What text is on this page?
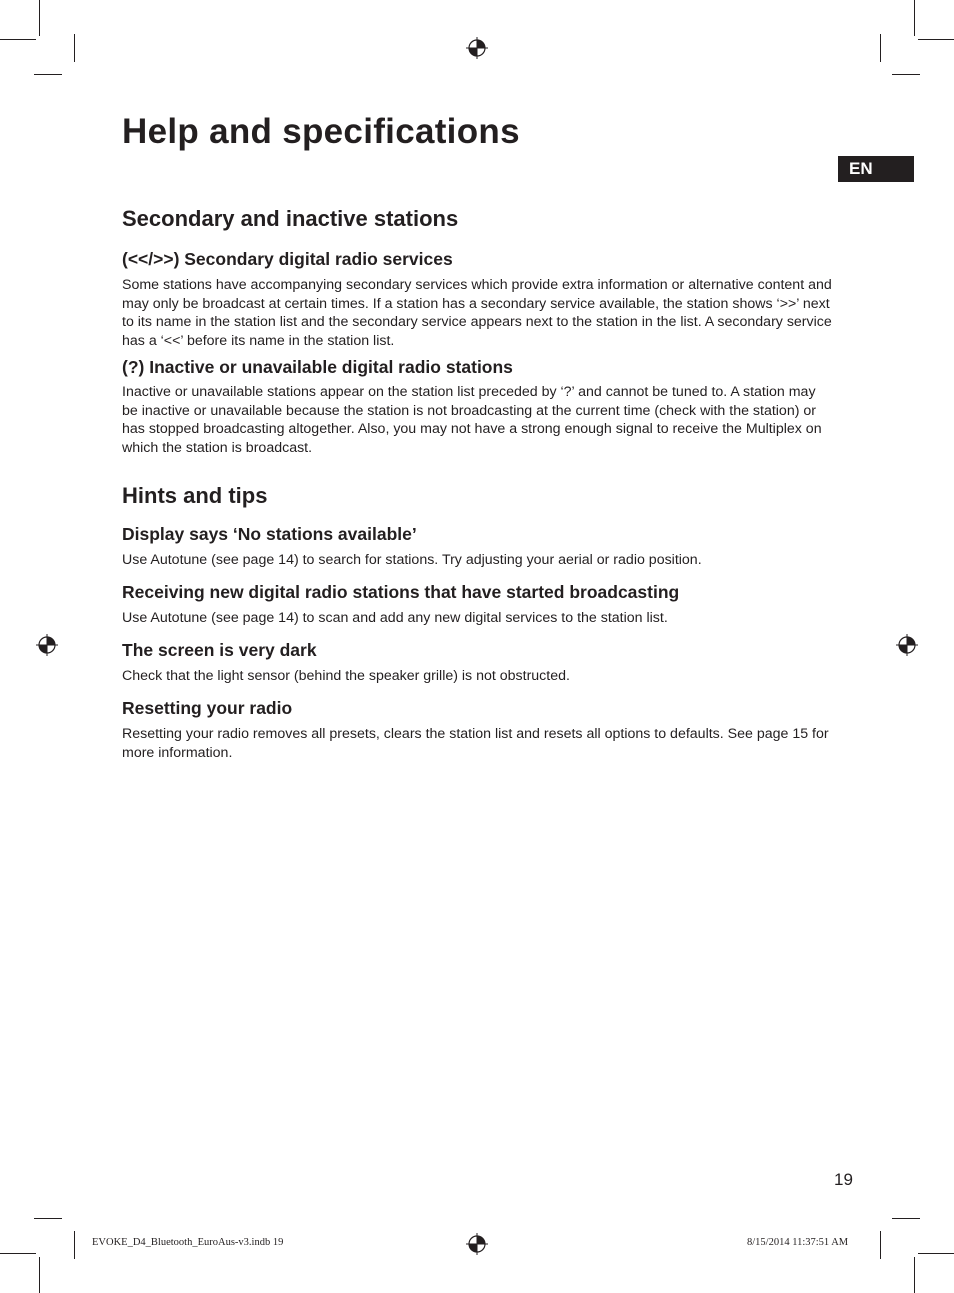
Help and specifications
EN
Secondary and inactive stations
(<</>>) Secondary digital radio services

Some stations have accompanying secondary services which provide extra information or alternative content and may only be broadcast at certain times. If a station has a secondary service available, the station shows ‘>>’ next to its name in the station list and the secondary service appears next to the station in the list. A secondary service has a ‘<<’ before its name in the station list.

(?) Inactive or unavailable digital radio stations

Inactive or unavailable stations appear on the station list preceded by ‘?’ and cannot be tuned to. A station may be inactive or unavailable because the station is not broadcasting at the current time (check with the station) or has stopped broadcasting altogether. Also, you may not have a strong enough signal to receive the Multiplex on which the station is broadcast.

Hints and tips
Display says ‘No stations available’

Use Autotune (see page 14) to search for stations. Try adjusting your aerial or radio position.

Receiving new digital radio stations that have started broadcasting

Use Autotune (see page 14) to scan and add any new digital services to the station list.

The screen is very dark

Check that the light sensor (behind the speaker grille) is not obstructed.

Resetting your radio

Resetting your radio removes all presets, clears the station list and resets all options to defaults. See page 15 for more information.

19
EVOKE_D4_Bluetooth_EuroAus-v3.indb 19	8/15/2014 11:37:51 AM
